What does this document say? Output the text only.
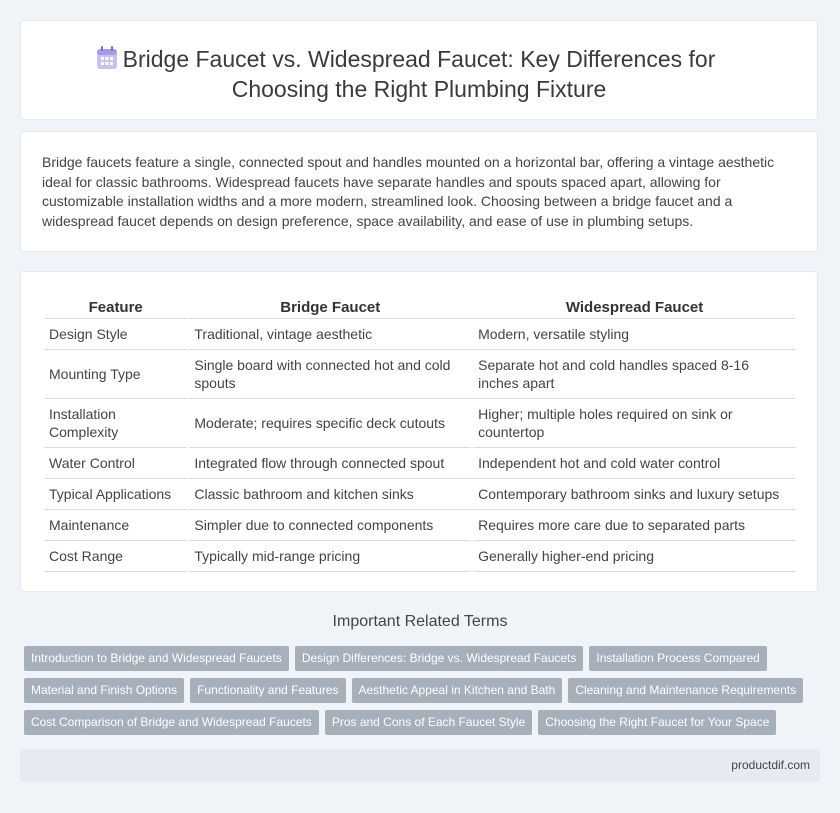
Bridge Faucet vs. Widespread Faucet: Key Differences for
Choosing the Right Plumbing Fixture
Bridge faucets feature a single, connected spout and handles mounted on a horizontal bar, offering a vintage aesthetic ideal for classic bathrooms. Widespread faucets have separate handles and spouts spaced apart, allowing for customizable installation widths and a more modern, streamlined look. Choosing between a bridge faucet and a widespread faucet depends on design preference, space availability, and ease of use in plumbing setups.
Feature	Bridge Faucet	Widespread Faucet
Design Style	Traditional, vintage aesthetic	Modern, versatile styling
Mounting Type	Single board with connected hot and cold spouts	Separate hot and cold handles spaced 8-16 inches apart
Installation Complexity	Moderate; requires specific deck cutouts	Higher; multiple holes required on sink or countertop
Water Control	Integrated flow through connected spout	Independent hot and cold water control
Typical Applications	Classic bathroom and kitchen sinks	Contemporary bathroom sinks and luxury setups
Maintenance	Simpler due to connected components	Requires more care due to separated parts
Cost Range	Typically mid-range pricing	Generally higher-end pricing
Important Related Terms
Introduction to Bridge and Widespread Faucets	Design Differences: Bridge vs. Widespread Faucets	Installation Process Compared
Material and Finish Options	Functionality and Features	Aesthetic Appeal in Kitchen and Bath	Cleaning and Maintenance Requirements
Cost Comparison of Bridge and Widespread Faucets	Pros and Cons of Each Faucet Style	Choosing the Right Faucet for Your Space
productdif.com
